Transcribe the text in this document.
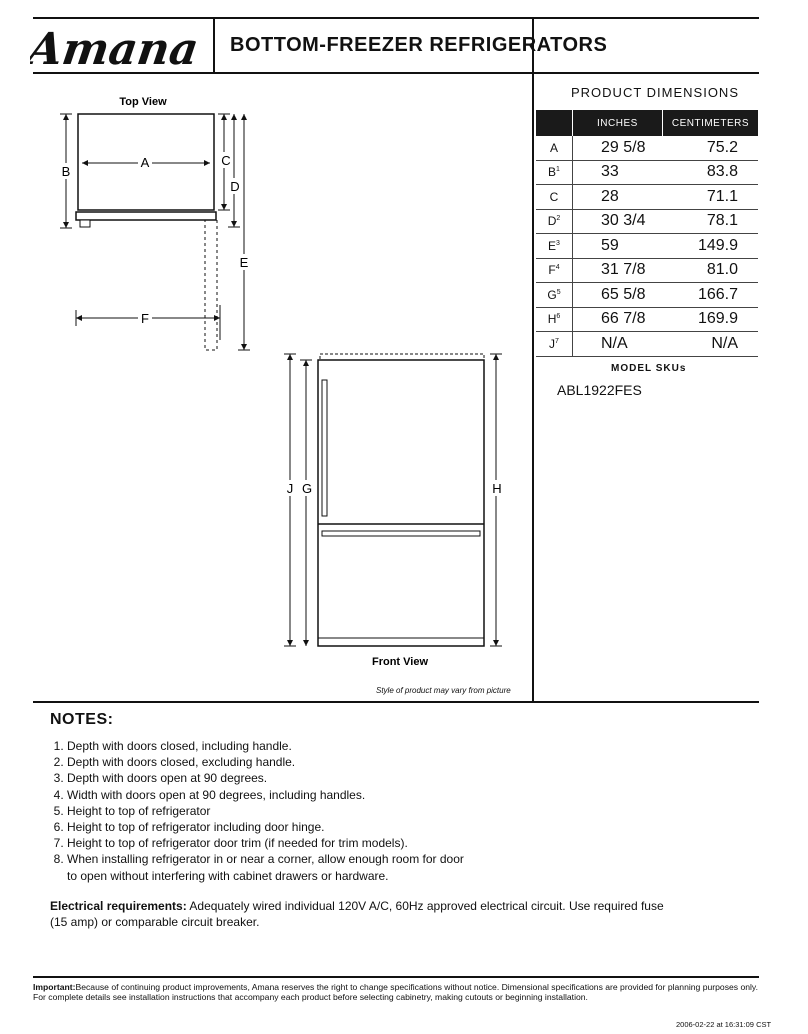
Amana BOTTOM-FREEZER REFRIGERATORS
PRODUCT DIMENSIONS
	INCHES	CENTIMETERS
A	29 5/8	75.2
$B^1$	33	83.8
C	28	71.1
$D^2$	30 3/4	78.1
$E^3$	59	149.9
$F^4$	31 7/8	81.0
$G^5$	65 5/8	166.7
$H^6$	66 7/8	169.9
$J^7$	N/A	N/A
MODEL SKUs
ABL1922FES
Top View
A
B
C
D
E
F
J G	H
Front View
Style of product may vary from picture
NOTES:
1. Depth with doors closed, including handle.
2. Depth with doors closed, excluding handle.
3. Depth with doors open at 90 degrees.
4. Width with doors open at 90 degrees, including handles.
5. Height to top of refrigerator
6. Height to top of refrigerator including door hinge.
7. Height to top of refrigerator door trim (if needed for trim models).
8. When installing refrigerator in or near a corner, allow enough room for door to open without interfering with cabinet drawers or hardware.
Electrical requirements: Adequately wired individual 120V A/C, 60Hz approved electrical circuit. Use required fuse (15 amp) or comparable circuit breaker.
Important:Because of continuing product improvements, Amana reserves the right to change specifications without notice. Dimensional specifications are provided for planning purposes only. For complete details see installation instructions that accompany each product before selecting cabinetry, making cutouts or beginning installation.
2006-02-22 at 16:31:09 CST
